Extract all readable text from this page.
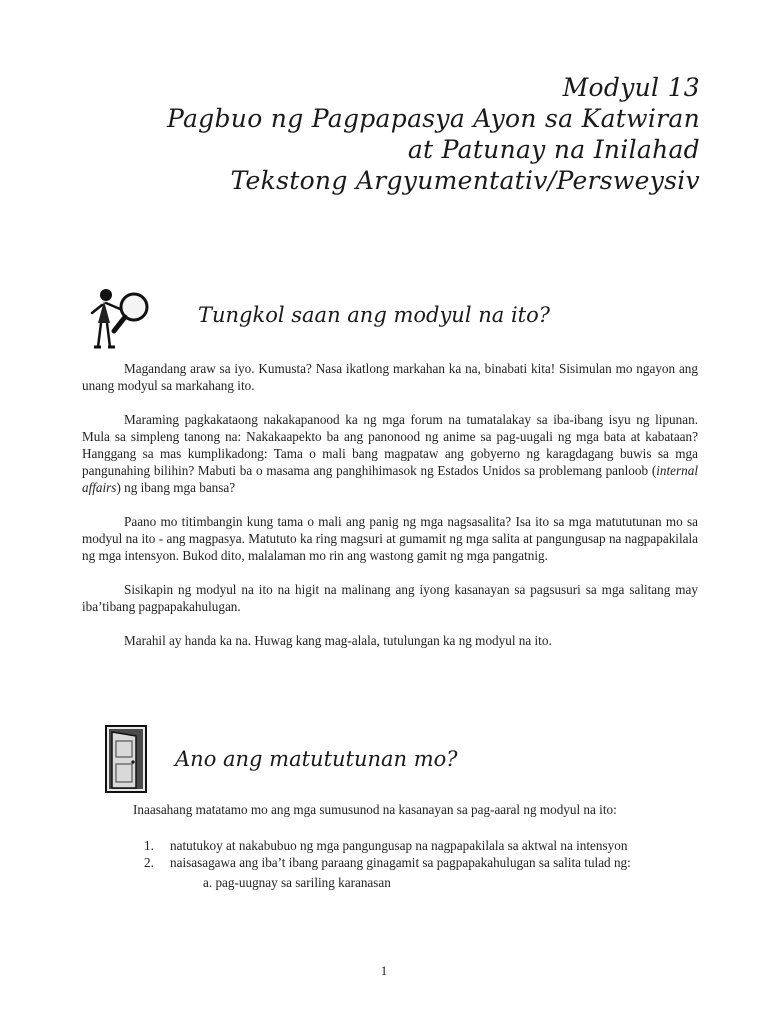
Modyul 13
Pagbuo ng Pagpapasya Ayon sa Katwiran
at Patunay na Inilahad
Tekstong Argyumentativ/Persweysiv
Tungkol saan ang modyul na ito?

Magandang araw sa iyo. Kumusta? Nasa ikatlong markahan ka na, binabati kita! Sisimulan mo ngayon ang unang modyul sa markahang ito.

Maraming pagkakataong nakakapanood ka ng mga forum na tumatalakay sa iba-ibang isyu ng lipunan. Mula sa simpleng tanong na: Nakakaapekto ba ang panonood ng anime sa pag-uugali ng mga bata at kabataan? Hanggang sa mas kumplikadong: Tama o mali bang magpataw ang gobyerno ng karagdagang buwis sa mga pangunahing bilihin? Mabuti ba o masama ang panghihimasok ng Estados Unidos sa problemang panloob (internal affairs) ng ibang mga bansa?

Paano mo titimbangin kung tama o mali ang panig ng mga nagsasalita? Isa ito sa mga matututunan mo sa modyul na ito - ang magpasya. Matututo ka ring magsuri at gumamit ng mga salita at pangungusap na nagpapakilala ng mga intensyon. Bukod dito, malalaman mo rin ang wastong gamit ng mga pangatnig.

Sisikapin ng modyul na ito na higit na malinang ang iyong kasanayan sa pagsusuri sa mga salitang may iba’tibang pagpapakahulugan.

Marahil ay handa ka na. Huwag kang mag-alala, tutulungan ka ng modyul na ito.

Ano ang matututunan mo?
Inaasahang matatamo mo ang mga sumusunod na kasanayan sa pag-aaral ng modyul na ito:
1. natutukoy at nakabubuo ng mga pangungusap na nagpapakilala sa aktwal na intensyon
2. naisasagawa ang iba’t ibang paraang ginagamit sa pagpapakahulugan sa salita tulad ng:
a. pag-uugnay sa sariling karanasan
1
